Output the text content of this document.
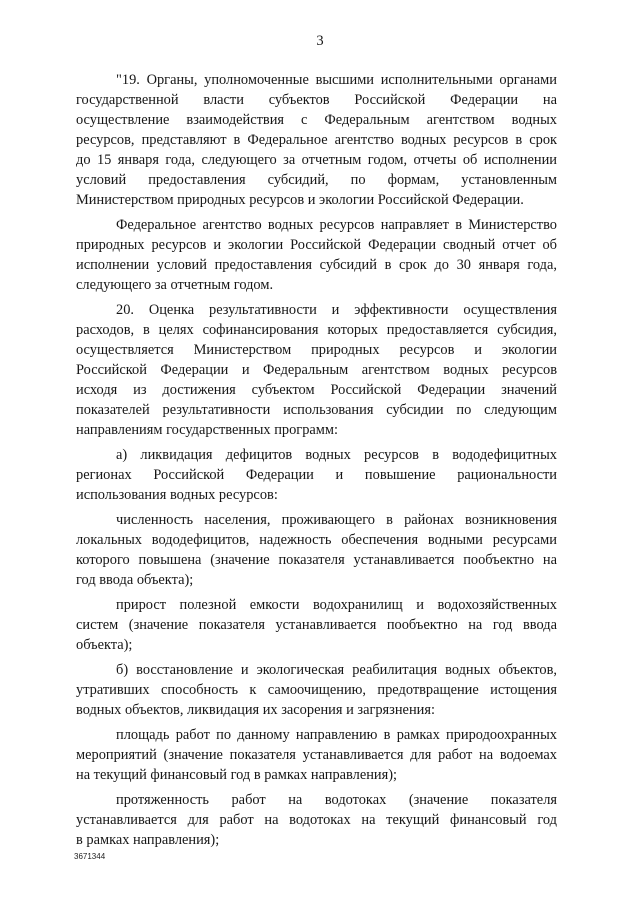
3

"19. Органы, уполномоченные высшими исполнительными органами
государственной власти субъектов Российской Федерации на
осуществление взаимодействия с Федеральным агентством водных
ресурсов, представляют в Федеральное агентство водных ресурсов в срок
до 15 января года, следующего за отчетным годом, отчеты об исполнении
условий предоставления субсидий, по формам, установленным
Министерством природных ресурсов и экологии Российской Федерации.

Федеральное агентство водных ресурсов направляет в Министерство
природных ресурсов и экологии Российской Федерации сводный отчет об
исполнении условий предоставления субсидий в срок до 30 января года,
следующего за отчетным годом.

20. Оценка результативности и эффективности осуществления
расходов, в целях софинансирования которых предоставляется субсидия,
осуществляется Министерством природных ресурсов и экологии
Российской Федерации и Федеральным агентством водных ресурсов
исходя из достижения субъектом Российской Федерации значений
показателей результативности использования субсидии по следующим
направлениям государственных программ:

а) ликвидация дефицитов водных ресурсов в вододефицитных
регионах Российской Федерации и повышение рациональности
использования водных ресурсов:

численность населения, проживающего в районах возникновения
локальных вододефицитов, надежность обеспечения водными ресурсами
которого повышена (значение показателя устанавливается пообъектно на
год ввода объекта);

прирост полезной емкости водохранилищ и водохозяйственных
систем (значение показателя устанавливается пообъектно на год ввода
объекта);

б) восстановление и экологическая реабилитация водных объектов,
утративших способность к самоочищению, предотвращение истощения
водных объектов, ликвидация их засорения и загрязнения:

площадь работ по данному направлению в рамках природоохранных
мероприятий (значение показателя устанавливается для работ на водоемах
на текущий финансовый год в рамках направления);

протяженность работ на водотоках (значение показателя
устанавливается для работ на водотоках на текущий финансовый год
в рамках направления);

3671344
